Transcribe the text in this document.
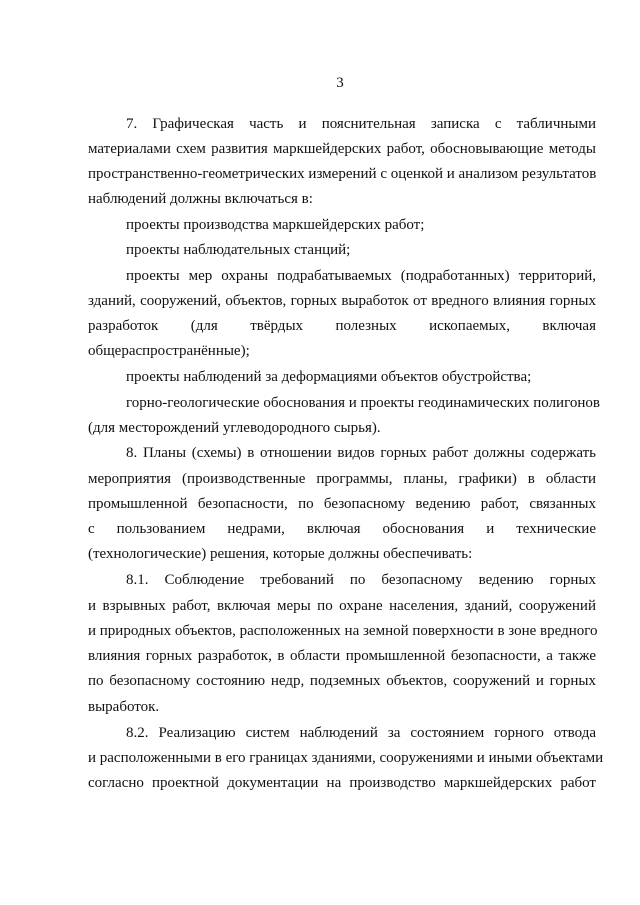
3
7. Графическая часть и пояснительная записка с табличными
материалами схем развития маркшейдерских работ, обосновывающие методы
пространственно-геометрических измерений с оценкой и анализом результатов
наблюдений должны включаться в:
проекты производства маркшейдерских работ;
проекты наблюдательных станций;
проекты мер охраны подрабатываемых (подработанных) территорий,
зданий, сооружений, объектов, горных выработок от вредного влияния горных
разработок (для твёрдых полезных ископаемых, включая
общераспространённые);
проекты наблюдений за деформациями объектов обустройства;
горно-геологические обоснования и проекты геодинамических полигонов
(для месторождений углеводородного сырья).
8. Планы (схемы) в отношении видов горных работ должны содержать
мероприятия (производственные программы, планы, графики) в области
промышленной безопасности, по безопасному ведению работ, связанных
с пользованием недрами, включая обоснования и технические
(технологические) решения, которые должны обеспечивать:
8.1. Соблюдение требований по безопасному ведению горных
и взрывных работ, включая меры по охране населения, зданий, сооружений
и природных объектов, расположенных на земной поверхности в зоне вредного
влияния горных разработок, в области промышленной безопасности, а также
по безопасному состоянию недр, подземных объектов, сооружений и горных
выработок.
8.2. Реализацию систем наблюдений за состоянием горного отвода
и расположенными в его границах зданиями, сооружениями и иными объектами
согласно проектной документации на производство маркшейдерских работ
